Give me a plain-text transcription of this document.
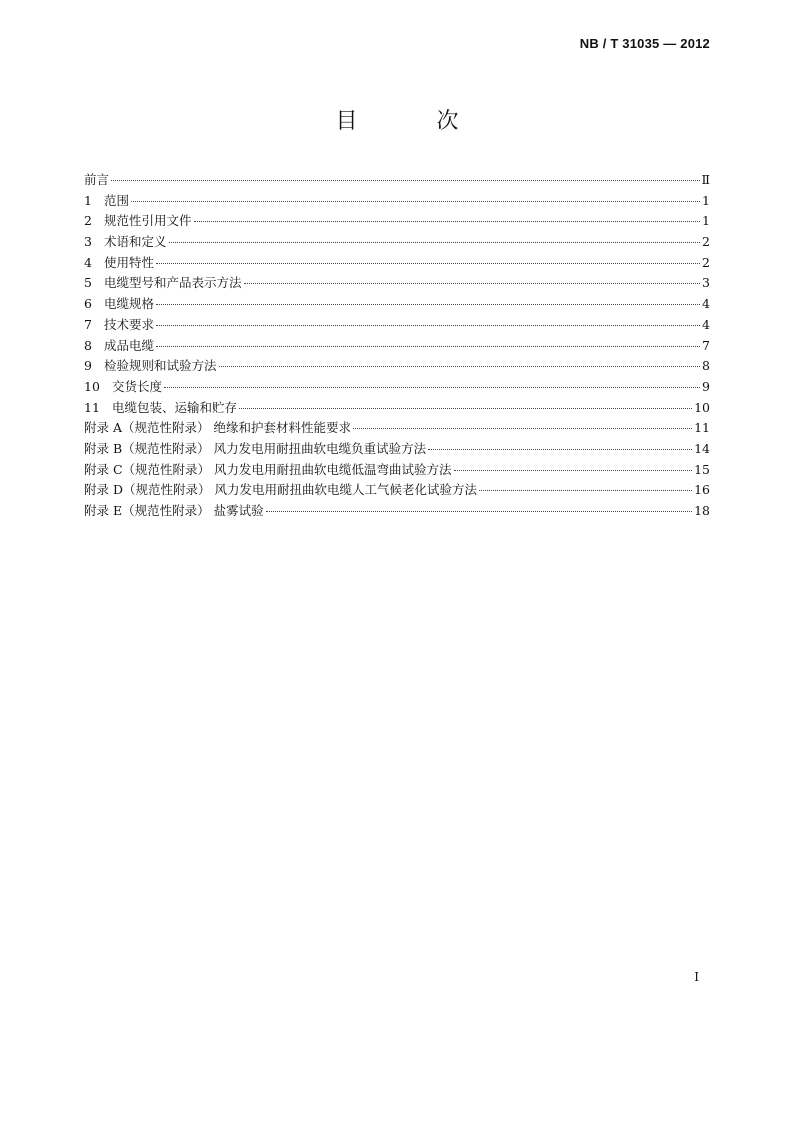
NB / T 31035 — 2012
目 次
前言	Ⅱ
1 范围	1
2 规范性引用文件	1
3 术语和定义	2
4 使用特性	2
5 电缆型号和产品表示方法	3
6 电缆规格	4
7 技术要求	4
8 成品电缆	7
9 检验规则和试验方法	8
10 交货长度	9
11 电缆包装、运输和贮存	10
附录 A（规范性附录） 绝缘和护套材料性能要求	11
附录 B（规范性附录） 风力发电用耐扭曲软电缆负重试验方法	14
附录 C（规范性附录） 风力发电用耐扭曲软电缆低温弯曲试验方法	15
附录 D（规范性附录） 风力发电用耐扭曲软电缆人工气候老化试验方法	16
附录 E（规范性附录） 盐雾试验	18
I
